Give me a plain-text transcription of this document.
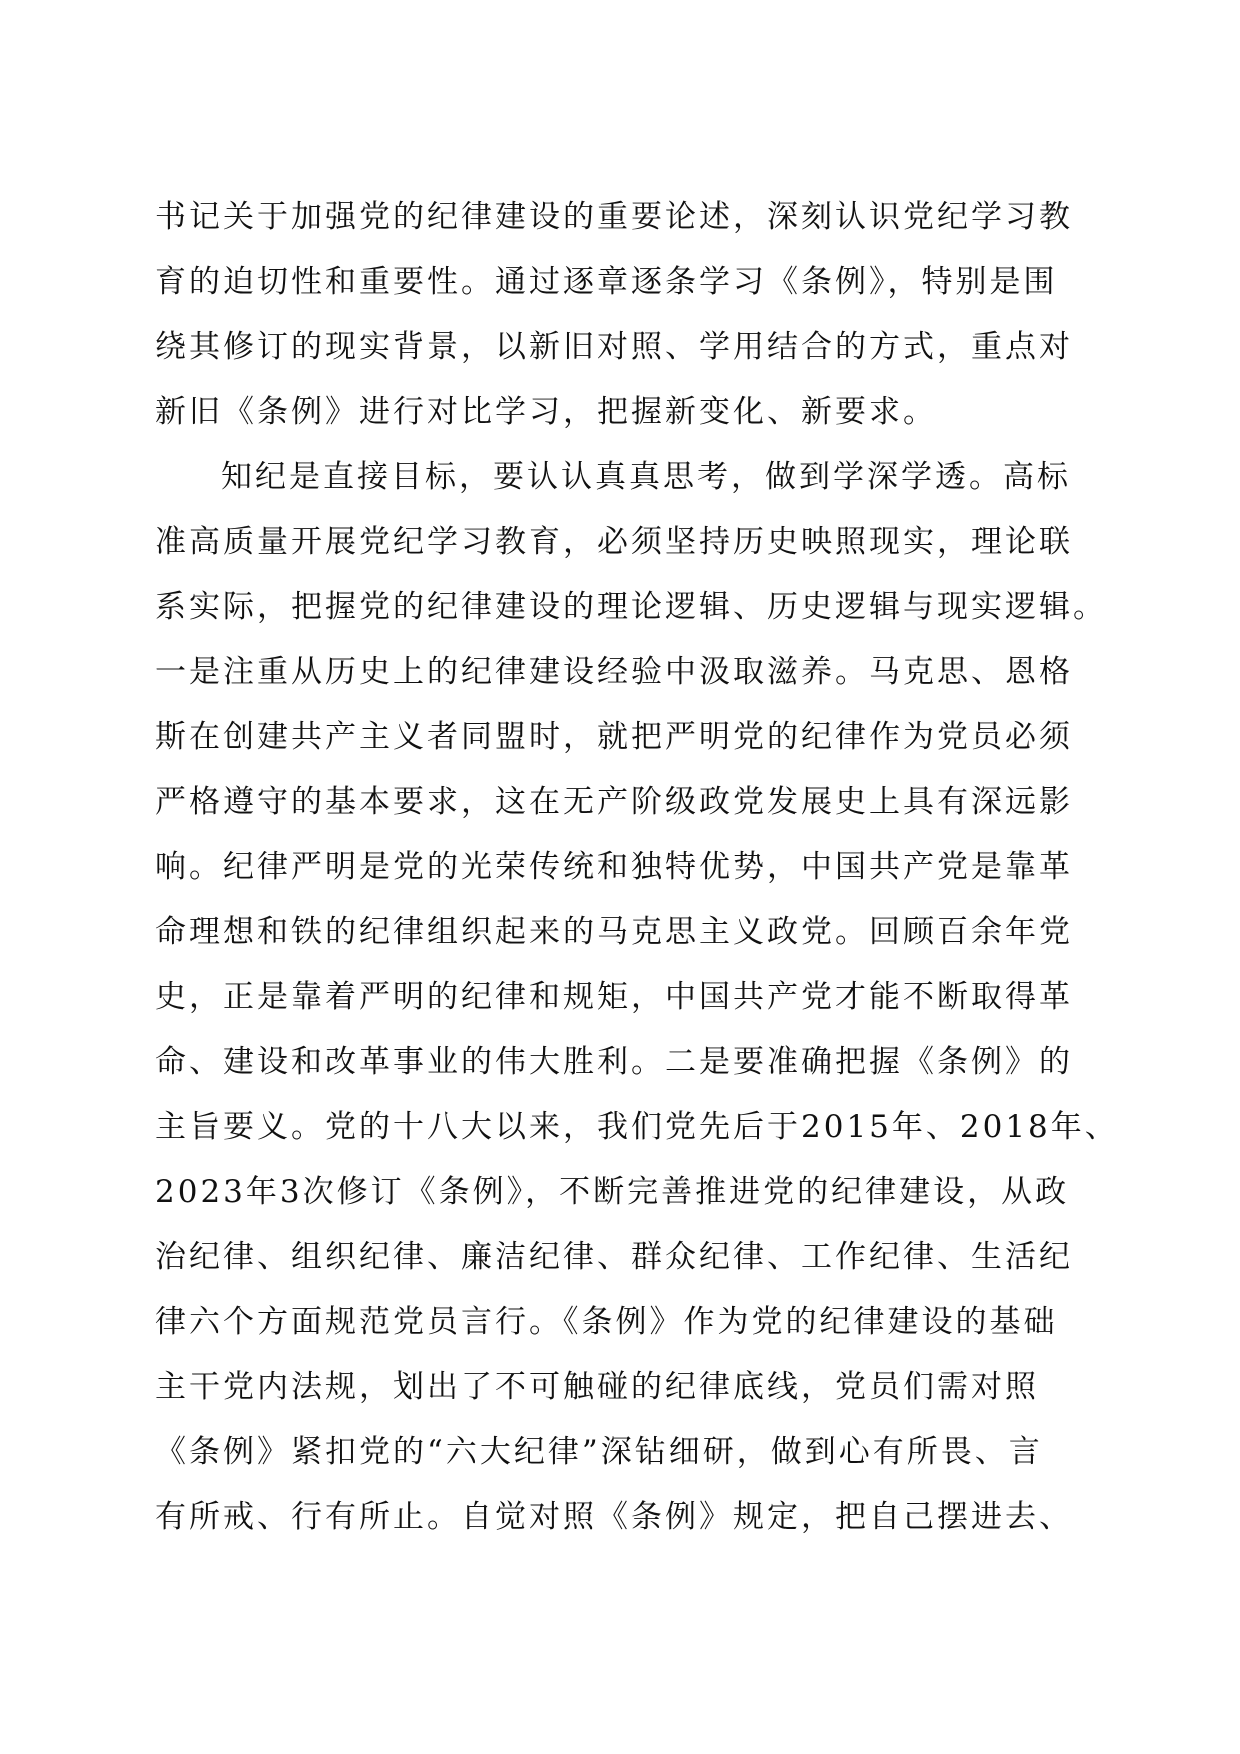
书记关于加强党的纪律建设的重要论述，深刻认识党纪学习教
育的迫切性和重要性。通过逐章逐条学习《条例》，特别是围
绕其修订的现实背景，以新旧对照、学用结合的方式，重点对
新旧《条例》进行对比学习，把握新变化、新要求。
知纪是直接目标，要认认真真思考，做到学深学透。高标
准高质量开展党纪学习教育，必须坚持历史映照现实，理论联
系实际，把握党的纪律建设的理论逻辑、历史逻辑与现实逻辑。
一是注重从历史上的纪律建设经验中汲取滋养。马克思、恩格
斯在创建共产主义者同盟时，就把严明党的纪律作为党员必须
严格遵守的基本要求，这在无产阶级政党发展史上具有深远影
响。纪律严明是党的光荣传统和独特优势，中国共产党是靠革
命理想和铁的纪律组织起来的马克思主义政党。回顾百余年党
史，正是靠着严明的纪律和规矩，中国共产党才能不断取得革
命、建设和改革事业的伟大胜利。二是要准确把握《条例》的
主旨要义。党的十八大以来，我们党先后于2015年、2018年、
2023年3次修订《条例》，不断完善推进党的纪律建设，从政
治纪律、组织纪律、廉洁纪律、群众纪律、工作纪律、生活纪
律六个方面规范党员言行。《条例》作为党的纪律建设的基础
主干党内法规，划出了不可触碰的纪律底线，党员们需对照
《条例》紧扣党的“六大纪律”深钻细研，做到心有所畏、言
有所戒、行有所止。自觉对照《条例》规定，把自己摆进去、
